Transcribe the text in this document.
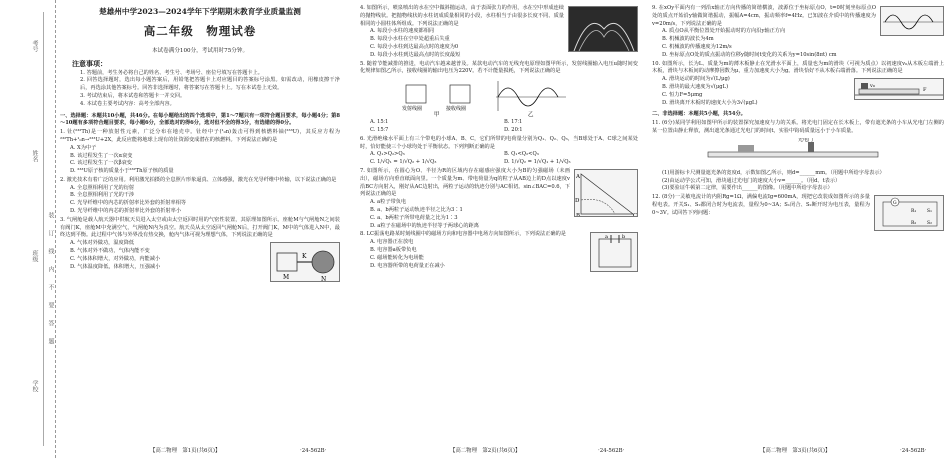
考号
姓名
班级
学校
装
订
线
内
不
要
答
题
楚雄州中学2023—2024学年下学期期末教育学业质量监测
高二年级　物理试卷
本试卷满分100分，考试用时75分钟。
注意事项：

1. 答题前，考生务必将自己的姓名、考生号、考场号、座位号填写在答题卡上。

2. 回答选择题时，选出每小题答案后，用铅笔把答题卡上对应题目的答案标号涂黑。如需改动，用橡皮擦干净后，再选涂其他答案标号。回答非选择题时，将答案写在答题卡上。写在本试卷上无效。

3. 考试结束后，将本试卷和答题卡一并交回。

4. 本试卷主要考试内容：高考全部内容。

一、选择题：本题共10小题，共46分。在每小题给出的四个选项中，第1～7题只有一项符合题目要求，每小题4分；第8～10题有多项符合题目要求，每小题6分，全部选对的得6分，选对但不全的得3分，有选错的得0分。

1. 钍(²³²Th)是一种放射性元素，广泛分布在地壳中。钍经中子(¹₀n)轰击可得到核燃料铀(²³³U)，其反应方程为²³²Th+¹₀n→²³³U+2X，此反应能将地球上现有的钍资源变成潜在的核燃料。下列说法正确的是

A. X为中子

B. 该过程发生了一次α衰变

C. 该过程发生了一次β衰变

D. ²³³U原子核的质量小于²³²Th原子核的质量

2. 激光技术有着广泛的应用。利用激光拍摄的全息照片形象逼真、立体感强，激光在光导纤维中传输，以下说法正确的是

A. 全息照相利用了光的衍射

B. 全息照相利用了光的干涉

C. 光导纤维中的内芯的折射率比外套的折射率相等

D. 光导纤维中的内芯的折射率比外套的折射率小

3. 气闸舱是载人航天器中供航天员进入太空或由太空返回时用的气密性装置，其原理如图所示。座舱M与气闸舱N之间装有阀门K，座舱M中充满空气，气闸舱N内为真空。航天员从太空返回气闸舱N后，打开阀门K，M中的气体进入N中，最终达到平衡。此过程中气体与外界没有热交换，舱内气体可视为理想气体，下列说法正确的是

M
K
N

A. 气体对外做功，温度降低

B. 气体对外不做功，气体内能不变

C. 气体体积增大，对外做功，内能减小

D. 气体温度降低，体积增大，压强减小

【高二物理　第1页(共6页)】	·24-562B·

4. 如图所示，喷泉喷出的水在空中做斜抛运动，由于表面张力的作用，水在空中形成连续的抛物线状。把抛物线状的水柱切成质量相同的小段，水柱相当于由很多长度不同、质量相同的小圆柱体所组成。下列说法正确的是

A. 每段小水柱的速度都相同

B. 每段小水柱在空中处超重后失重

C. 每段小水柱到达最高点时的速度为0

D. 每段小水柱到达最高点时的长度最短

5. 随着节能减排的推进，电动汽车越来越普及。某款电动汽车的无线充电原理如图甲所示，发射线圈输入电压u随时间变化规律如图乙所示，接收线圈的输出电压为220V。若不计能量损耗，下列说法正确的是

发射线圈	接收线圈
甲	乙
A. 15∶1	B. 17∶1
C. 15∶7	D. 20∶1

6. 光滑绝缘水平面上有三个带电的小球A、B、C，它们所带的电荷量分别为Q₁、Q₂、Q₃，当B球处于A、C球之间某处时，恰好能使三个小球均处于平衡状态。下列判断正确的是

A. Q₁>Q₂>Q₃	B. Q₁<Q₂<Q₃
C. 1/√Q₁ = 1/√Q₂ + 1/√Q₃	D. 1/√Q₂ = 1/√Q₁ + 1/√Q₃
A
B	C
D

7. 如图所示，在圆心为O、半径为R的区域内存在磁感应强度大小为B的匀强磁场（未画出），磁场方向垂直纸面向里。一个质量为m、带电荷量为q的粒子从AB边上的D点以速度v沿BC方向射入，刚好从AC边射出，两粒子运动的轨迹分别与AC相切。sin∠BAC=0.6，下列说法正确的是

A. a粒子带负电

B. a、b两粒子运动轨迹半径之比为3∶1

C. a、b两粒子所带电荷量之比为1∶3

D. a粒子在磁场中的轨迹半径等于两球心的距离

a	b

8. LC振荡电路某时刻线圈中的磁场方向和电容器中电场方向如图所示，下列说法正确的是

A. 电容器正在放电

B. 电容器a板带负电

C. 磁场能转化为电场能

D. 电容器所带的电荷量正在减小

【高二物理　第2页(共6页)】	·24-562B·

9. 在xOy平面内有一列沿x轴正方向传播的简谐横波，波源位于坐标原点O，t=0时刻坐标原点O处的质点开始沿y轴做简谐振动，振幅A=4cm，振动频率f=4Hz。已知波在介质中的传播速度为v=20m/s，下列说法正确的是

A. 质点O从平衡位置处开始振动时的方向沿y轴正方向

B. 机械波的波长为4m

C. 机械波的传播速度为12m/s

D. 坐标原点O处的质点振动的位移y随时间t变化的关系为y=10sin(8πt) cm

10. 如图所示，长为L、质量为m的薄木板静止在光滑水平面上，质量也为m的滑块（可视为质点）以初速度v₀从木板左端滑上木板，滑块与木板间的动摩擦因数为μ，重力加速度大小为g。滑块恰好不从木板右端滑落。下列说法正确的是

v₀
F

A. 滑块运动的时间为√(L/μg)

B. 滑块的最大速度为√(μgL)

C. 恒力F=5μmg

D. 滑块离开木板时的速度大小为3√(μgL)

二、非选择题：本题共5小题，共54分。

11. (6分)某同学利用如图甲所示的装置探究加速度与力的关系。将光电门固定在长木板上，带有遮光条的小车从光电门左侧的某一位置由静止释放，测出遮光条通过光电门的时间t，实验中钩码质量远小于小车质量。

光电门

(1)用游标卡尺测量遮光条的宽度d，示数如图乙所示，则d=______mm。（用题中所给字母表示）

(2)由运动学公式可知，滑块通过光电门的速度大小v=______。（用d、t表示）

(3)要验证牛顿第二定律，需要作出______的图像。（用题中所给字母表示）

G
R₁
R₂
S₁
S₂

12. (8分)一灵敏电流计的内阻Rg=1Ω，满偏电流Ig=600mA，现把它改装成如图所示的多量程电表。开关S₁、S₂都闭合时为电流表，量程为0~3A；S₁闭合、S₂断开时为电压表，量程为0~3V。试回答下列问题：

【高二物理　第3页(共6页)】	·24-562B·
